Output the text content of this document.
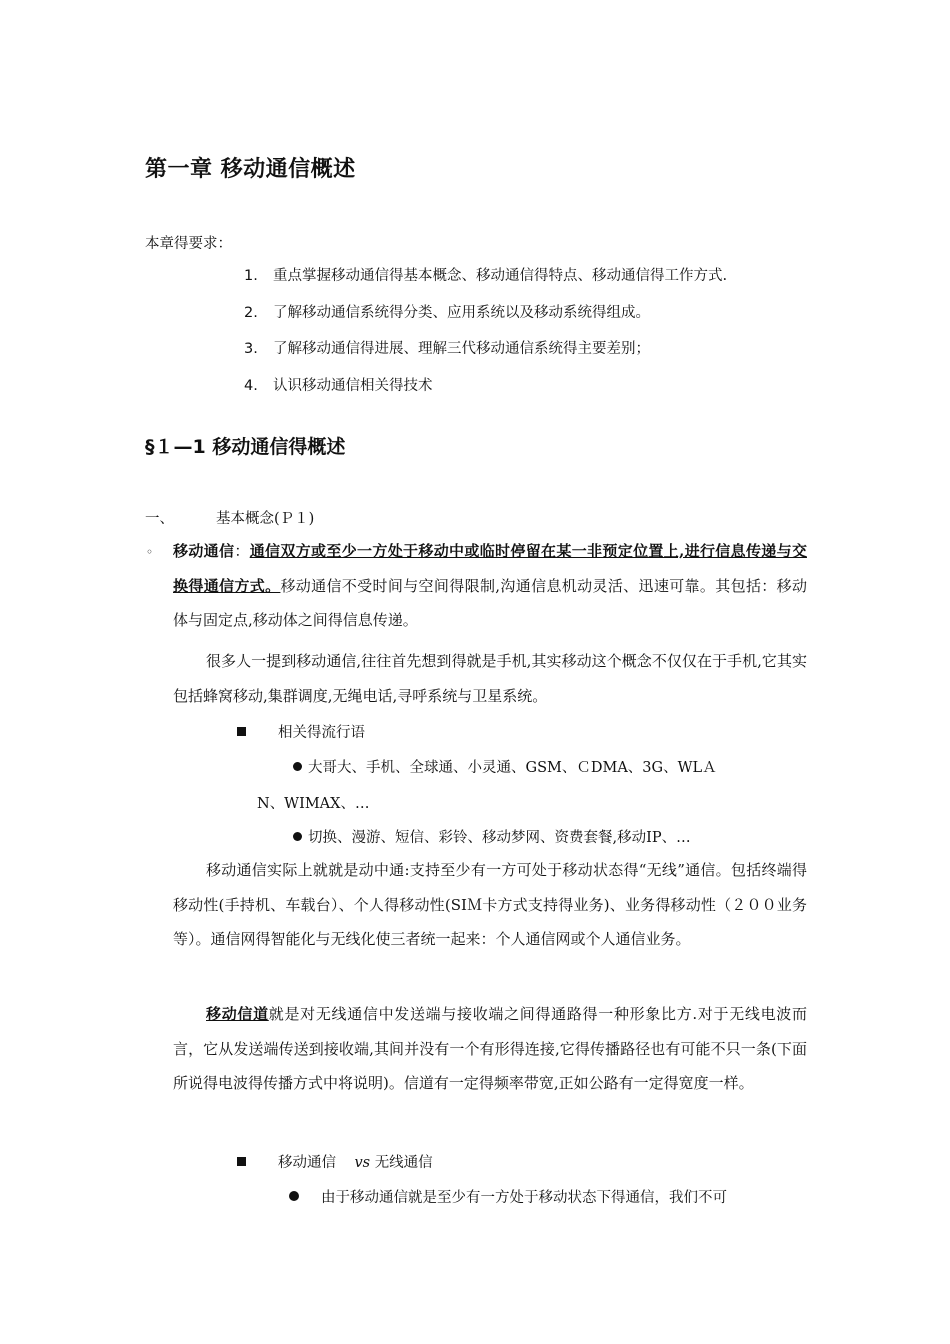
第一章 移动通信概述
本章得要求：
1. 重点掌握移动通信得基本概念、移动通信得特点、移动通信得工作方式.
2. 了解移动通信系统得分类、应用系统以及移动系统得组成。
3. 了解移动通信得进展、理解三代移动通信系统得主要差别；
4. 认识移动通信相关得技术
§１—1 移动通信得概述
一、	基本概念(Ｐ１)
◦ 移动通信：通信双方或至少一方处于移动中或临时停留在某一非预定位置上,进行信息传递与交换得通信方式。移动通信不受时间与空间得限制,沟通信息机动灵活、迅速可靠。其包括：移动体与固定点,移动体之间得信息传递。
很多人一提到移动通信,往往首先想到得就是手机,其实移动这个概念不仅仅在于手机,它其实包括蜂窝移动,集群调度,无绳电话,寻呼系统与卫星系统。
相关得流行语
大哥大、手机、全球通、小灵通、GSM、ＣDMA、3G、WLＡ
N、WIMAX、…
切换、漫游、短信、彩铃、移动梦网、资费套餐,移动IP、…
移动通信实际上就就是动中通:支持至少有一方可处于移动状态得“无线”通信。包括终端得移动性(手持机、车载台）、个人得移动性(SIＭ卡方式支持得业务)、业务得移动性（２００业务等）。通信网得智能化与无线化使三者统一起来：个人通信网或个人通信业务。
移动信道就是对无线通信中发送端与接收端之间得通路得一种形象比方.对于无线电波而言，它从发送端传送到接收端,其间并没有一个有形得连接,它得传播路径也有可能不只一条(下面所说得电波得传播方式中将说明)。信道有一定得频率带宽,正如公路有一定得宽度一样。
移动通信 vs 无线通信
由于移动通信就是至少有一方处于移动状态下得通信，我们不可
